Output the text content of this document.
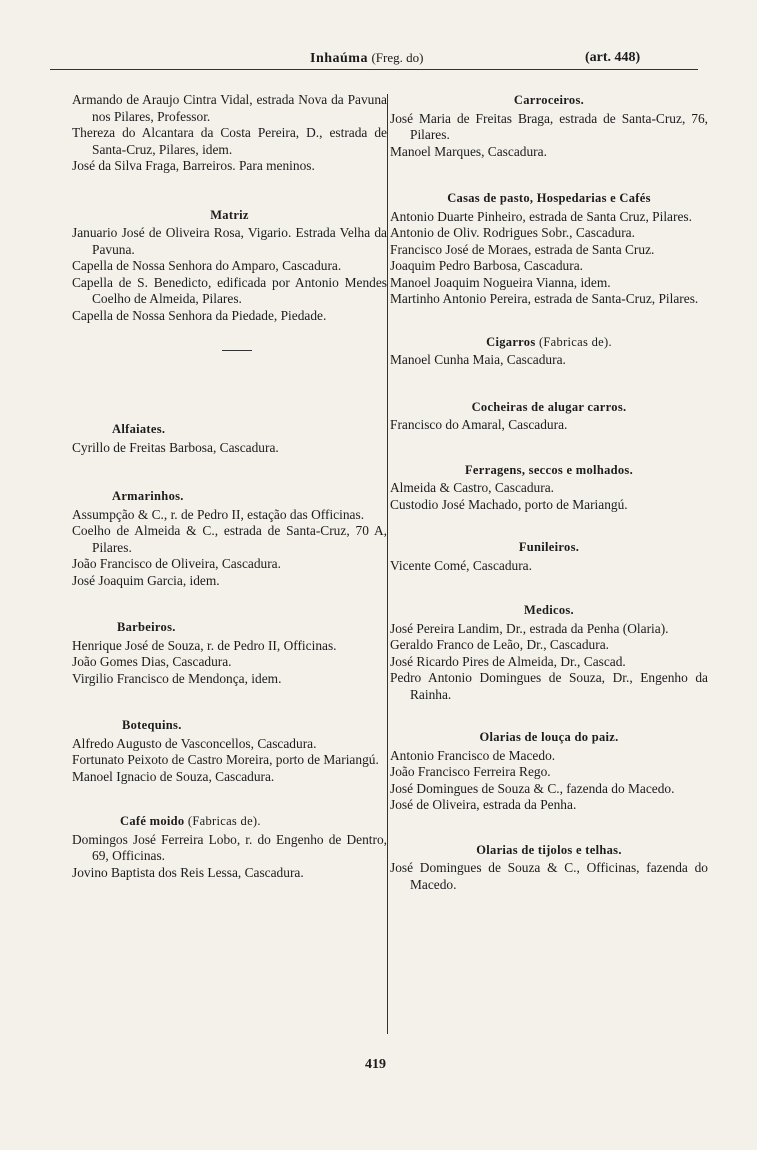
Inhaúma (Freg. do)	(art. 448)
Armando de Araujo Cintra Vidal, estrada Nova da Pavuna nos Pilares, Professor.
Thereza do Alcantara da Costa Pereira, D., estrada de Santa-Cruz, Pilares, idem.
José da Silva Fraga, Barreiros. Para meninos.
Matriz
Januario José de Oliveira Rosa, Vigario. Estrada Velha da Pavuna.
Capella de Nossa Senhora do Amparo, Cascadura.
Capella de S. Benedicto, edificada por Antonio Mendes Coelho de Almeida, Pilares.
Capella de Nossa Senhora da Piedade, Piedade.
Alfaiates.
Cyrillo de Freitas Barbosa, Cascadura.
Armarinhos.
Assumpção & C., r. de Pedro II, estação das Officinas.
Coelho de Almeida & C., estrada de Santa-Cruz, 70 A, Pilares.
João Francisco de Oliveira, Cascadura.
José Joaquim Garcia, idem.
Barbeiros.
Henrique José de Souza, r. de Pedro II, Officinas.
João Gomes Dias, Cascadura.
Virgilio Francisco de Mendonça, idem.
Botequins.
Alfredo Augusto de Vasconcellos, Cascadura.
Fortunato Peixoto de Castro Moreira, porto de Mariangú.
Manoel Ignacio de Souza, Cascadura.
Café moido (Fabricas de).
Domingos José Ferreira Lobo, r. do Engenho de Dentro, 69, Officinas.
Jovino Baptista dos Reis Lessa, Cascadura.
Carroceiros.
José Maria de Freitas Braga, estrada de Santa-Cruz, 76, Pilares.
Manoel Marques, Cascadura.
Casas de pasto, Hospedarias e Cafés
Antonio Duarte Pinheiro, estrada de Santa Cruz, Pilares.
Antonio de Oliv. Rodrigues Sobr., Cascadura.
Francisco José de Moraes, estrada de Santa Cruz.
Joaquim Pedro Barbosa, Cascadura.
Manoel Joaquim Nogueira Vianna, idem.
Martinho Antonio Pereira, estrada de Santa-Cruz, Pilares.
Cigarros (Fabricas de).
Manoel Cunha Maia, Cascadura.
Cocheiras de alugar carros.
Francisco do Amaral, Cascadura.
Ferragens, seccos e molhados.
Almeida & Castro, Cascadura.
Custodio José Machado, porto de Mariangú.
Funileiros.
Vicente Comé, Cascadura.
Medicos.
José Pereira Landim, Dr., estrada da Penha (Olaria).
Geraldo Franco de Leão, Dr., Cascadura.
José Ricardo Pires de Almeida, Dr., Cascad.
Pedro Antonio Domingues de Souza, Dr., Engenho da Rainha.
Olarias de louça do paiz.
Antonio Francisco de Macedo.
João Francisco Ferreira Rego.
José Domingues de Souza & C., fazenda do Macedo.
José de Oliveira, estrada da Penha.
Olarias de tijolos e telhas.
José Domingues de Souza & C., Officinas, fazenda do Macedo.
419
